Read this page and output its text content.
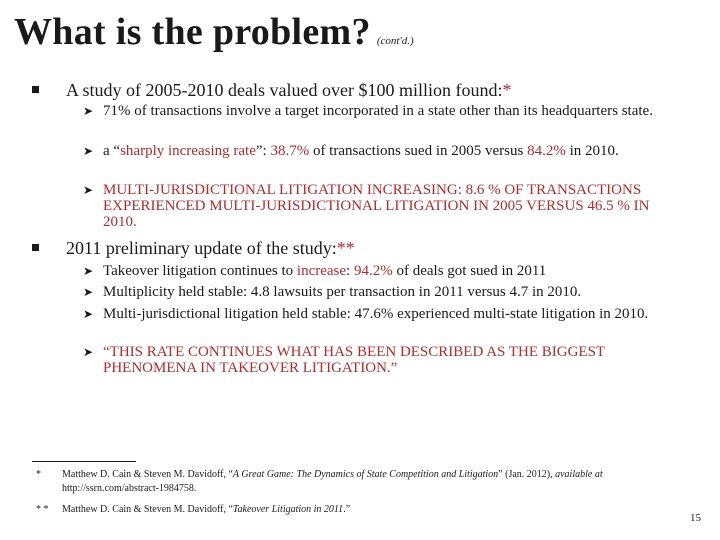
What is the problem? (cont'd.)
A study of 2005-2010 deals valued over $100 million found:*
➤ 71% of transactions involve a target incorporated in a state other than its headquarters state.
➤ a “sharply increasing rate”: 38.7% of transactions sued in 2005 versus 84.2% in 2010.
➤ MULTI-JURISDICTIONAL LITIGATION INCREASING: 8.6 % OF TRANSACTIONS EXPERIENCED MULTI-JURISDICTIONAL LITIGATION IN 2005 VERSUS 46.5 % IN 2010.
2011 preliminary update of the study:**
➤ Takeover litigation continues to increase: 94.2% of deals got sued in 2011
➤ Multiplicity held stable: 4.8 lawsuits per transaction in 2011 versus 4.7 in 2010.
➤ Multi-jurisdictional litigation held stable: 47.6% experienced multi-state litigation in 2010.
➤ “THIS RATE CONTINUES WHAT HAS BEEN DESCRIBED AS THE BIGGEST PHENOMENA IN TAKEOVER LITIGATION.”
* Matthew D. Cain & Steven M. Davidoff, “A Great Game: The Dynamics of State Competition and Litigation” (Jan. 2012), available at
http://ssrn.com/abstract-1984758.
* * Matthew D. Cain & Steven M. Davidoff, “Takeover Litigation in 2011.”
15
